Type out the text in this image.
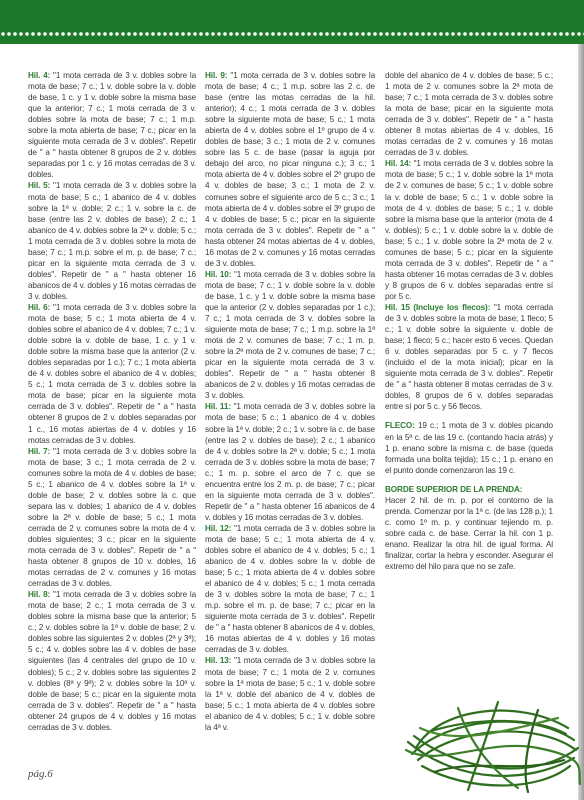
Hil. 4: "1 mota cerrada de 3 v. dobles sobre la mota de base; 7 c.; 1 v. doble sobre la v. doble de base, 1 c. y 1 v. doble sobre la misma base que la anterior; 7 c.; 1 mota cerrada de 3 v. dobles sobre la mota de base; 7 c.; 1 m.p. sobre la mota abierta de base; 7 c.; picar en la siguiente mota cerrada de 3 v. dobles". Repetir de " a " hasta obtener 8 grupos de 2 v. dobles separadas por 1 c. y 16 motas cerradas de 3 v. dobles.

Hil. 5: "1 mota cerrada de 3 v. dobles sobre la mota de base; 5 c.; 1 abanico de 4 v. dobles sobre la 1ª v. doble; 2 c.; 1 v. sobre la c. de base (entre las 2 v. dobles de base); 2 c.; 1 abanico de 4 v. dobles sobre la 2ª v. doble; 5 c.; 1 mota cerrada de 3 v. dobles sobre la mota de base; 7 c.; 1 m.p. sobre el m. p. de base; 7 c.; picar en la siguiente mota cerrada de 3 v. dobles". Repetir de " a " hasta obtener 16 abanicos de 4 v. dobles y 16 motas cerradas de 3 v. dobles.

Hil. 6: "1 mota cerrada de 3 v. dobles sobre la mota de base; 5 c.; 1 mota abierta de 4 v. dobles sobre el abanico de 4 v. dobles; 7 c.; 1 v. doble sobre la v. doble de base, 1 c. y 1 v. doble sobre la misma base que la anterior (2 v. dobles separadas por 1 c.); 7 c.; 1 mota abierta de 4 v. dobles sobre el abanico de 4 v. dobles; 5 c.; 1 mota cerrada de 3 v. dobles sobre la mota de base; picar en la siguiente mota cerrada de 3 v. dobles". Repetir de " a " hasta obtener 8 grupos de 2 v. dobles separadas por 1 c., 16 motas abiertas de 4 v. dobles y 16 motas cerradas de 3 v. dobles.

Hil. 7: "1 mota cerrada de 3 v. dobles sobre la mota de base; 3 c.; 1 mota cerrada de 2 v. comunes sobre la mota de 4 v. dobles de base; 5 c.; 1 abanico de 4 v. dobles sobre la 1ª v. doble de base; 2 v. dobles sobre la c. que separa las v. dobles; 1 abanico de 4 v. dobles sobre la 2ª v. doble de base; 5 c.; 1 mota cerrada de 2 v. comunes sobre la mota de 4 v. dobles siguientes; 3 c.; picar en la siguiente mota cerrada de 3 v. dobles". Repetir de " a " hasta obtener 8 grupos de 10 v. dobles, 16 motas cerradas de 2 v. comunes y 16 motas cerradas de 3 v. dobles.

Hil. 8: "1 mota cerrada de 3 v. dobles sobre la mota de base; 2 c.; 1 mota cerrada de 3 v. dobles sobre la misma base que la anterior; 5 c.; 2 v. dobles sobre la 1ª v. doble de base; 2 v. dobles sobre las siguientes 2 v. dobles (2ª y 3ª); 5 c.; 4 v. dobles sobre las 4 v. dobles de base siguientes (las 4 centrales del grupo de 10 v. dobles); 5 c.; 2 v. dobles sobre las siguientes 2 v. dobles (8ª y 9ª); 2 v. dobles sobre la 10ª v. doble de base; 5 c.; picar en la siguiente mota cerrada de 3 v. dobles". Repetir de " a " hasta obtener 24 grupos de 4 v. dobles y 16 motas cerradas de 3 v. dobles.

Hil. 9: "1 mota cerrada de 3 v. dobles sobre la mota de base; 4 c.; 1 m.p. sobre las 2 c. de base (entre las motas cerradas de la hil. anterior); 4 c.; 1 mota cerrada de 3 v. dobles sobre la siguiente mota de base; 5 c.; 1 mota abierta de 4 v. dobles sobre el 1º grupo de 4 v. dobles de base; 3 c.; 1 mota de 2 v. comunes sobre las 5 c. de base (pasar la aguja por debajo del arco, no picar ninguna c.); 3 c.; 1 mota abierta de 4 v. dobles sobre el 2º grupo de 4 v. dobles de base; 3 c.; 1 mota de 2 v. comunes sobre el siguiente arco de 5 c.; 3 c.; 1 mota abierta de 4 v. dobles sobre el 3º grupo de 4 v. dobles de base; 5 c.; picar en la siguiente mota cerrada de 3 v. dobles". Repetir de " a " hasta obtener 24 motas abiertas de 4 v. dobles, 16 motas de 2 v. comunes y 16 motas cerradas de 3 v. dobles.

Hil. 10: "1 mota cerrada de 3 v. dobles sobre la mota de base; 7 c.; 1 v. doble sobre la v. doble de base, 1 c. y 1 v. doble sobre la misma base que la anterior (2 v. dobles separadas por 1 c.); 7 c.; 1 mota cerrada de 3 v. dobles sobre la siguiente mota de base; 7 c.; 1 m.p. sobre la 1ª mota de 2 v. comunes de base; 7 c.; 1 m. p. sobre la 2ª mota de 2 v. comunes de base; 7 c.; picar en la siguiente mota cerrada de 3 v. dobles". Repetir de " a " hasta obtener 8 abanicos de 2 v. dobles y 16 motas cerradas de 3 v. dobles.

Hil. 11: "1 mota cerrada de 3 v. dobles sobre la mota de base; 5 c.; 1 abanico de 4 v. dobles sobre la 1ª v. doble; 2 c.; 1 v. sobre la c. de base (entre las 2 v. dobles de base); 2 c.; 1 abanico de 4 v. dobles sobre la 2ª v. doble; 5 c.; 1 mota cerrada de 3 v. dobles sobre la mota de base; 7 c.; 1 m. p. sobre el arco de 7 c. que se encuentra entre los 2 m. p. de base; 7 c.; picar en la siguiente mota cerrada de 3 v. dobles". Repetir de " a " hasta obtener 16 abanicos de 4 v. dobles y 16 motas cerradas de 3 v. dobles.

Hil. 12: "1 mota cerrada de 3 v. dobles sobre la mota de base; 5 c.; 1 mota abierta de 4 v. dobles sobre el abanico de 4 v. dobles; 5 c.; 1 abanico de 4 v. dobles sobre la v. doble de base; 5 c.; 1 mota abierta de 4 v. dobles sobre el abanico de 4 v. dobles; 5 c.; 1 mota cerrada de 3 v. dobles sobre la mota de base; 7 c.; 1 m.p. sobre el m. p. de base; 7 c.; picar en la siguiente mota cerrada de 3 v. dobles". Repetir de " a " hasta obtener 8 abanicos de 4 v. dobles, 16 motas abiertas de 4 v. dobles y 16 motas cerradas de 3 v. dobles.

Hil. 13: "1 mota cerrada de 3 v. dobles sobre la mota de base; 7 c.; 1 mota de 2 v. comunes sobre la 1ª mota de base; 5 c.; 1 v. doble sobre la 1ª v. doble del abanico de 4 v. dobles de base; 5 c.; 1 mota abierta de 4 v. dobles sobre el abanico de 4 v. dobles; 5 c.; 1 v. doble sobre la 4ª v.

doble del abanico de 4 v. dobles de base; 5 c.; 1 mota de 2 v. comunes sobre la 2ª mota de base; 7 c.; 1 mota cerrada de 3 v. dobles sobre la mota de base; picar en la siguiente mota cerrada de 3 v. dobles". Repetir de " a " hasta obtener 8 motas abiertas de 4 v. dobles, 16 motas cerradas de 2 v. comunes y 16 motas cerradas de 3 v. dobles.

Hil. 14: "1 mota cerrada de 3 v. dobles sobre la mota de base; 5 c.; 1 v. doble sobre la 1ª mota de 2 v. comunes de base; 5 c.; 1 v. doble sobre la v. doble de base; 5 c.; 1 v. doble sobre la mota de 4 v. dobles de base; 5 c.; 1 v. doble sobre la misma base que la anterior (mota de 4 v. dobles); 5 c.; 1 v. doble sobre la v. doble de base; 5 c.; 1 v. doble sobre la 2ª mota de 2 v. comunes de base; 5 c.; picar en la siguiente mota cerrada de 3 v. dobles". Repetir de " a " hasta obtener 16 motas cerradas de 3 v. dobles y 8 grupos de 6 v. dobles separadas entre sí por 5 c.

Hil. 15 (Incluye los flecos): "1 mota cerrada de 3 v. dobles sobre la mota de base; 1 fleco; 5 c.; 1 v. doble sobre la siguiente v. doble de base; 1 fleco; 5 c.; hacer esto 6 veces. Quedan 6 v. dobles separadas por 5 c. y 7 flecos (incluido el de la mota inicial); picar en la siguiente mota cerrada de 3 v. dobles". Repetir de " a " hasta obtener 8 motas cerradas de 3 v. dobles, 8 grupos de 6 v. dobles separadas entre sí por 5 c. y 56 flecos.

FLECO: 19 c.; 1 mota de 3 v. dobles picando en la 5ª c. de las 19 c. (contando hacia atrás) y 1 p. enano sobre la misma c. de base (queda formada una bolita tejida); 15 c.; 1 p. enano en el punto donde comenzaron las 19 c.

BORDE SUPERIOR DE LA PRENDA:
Hacer 2 hil. de m. p. por el contorno de la prenda. Comenzar por la 1ª c. (de las 128 p.); 1 c. como 1º m. p. y continuar tejiendo m. p. sobre cada c. de base. Cerrar la hil. con 1 p. enano. Realizar la otra hil. de igual forma. Al finalizar, cortar la hebra y esconder. Asegurar el extremo del hilo para que no se zafe.

pág.6
